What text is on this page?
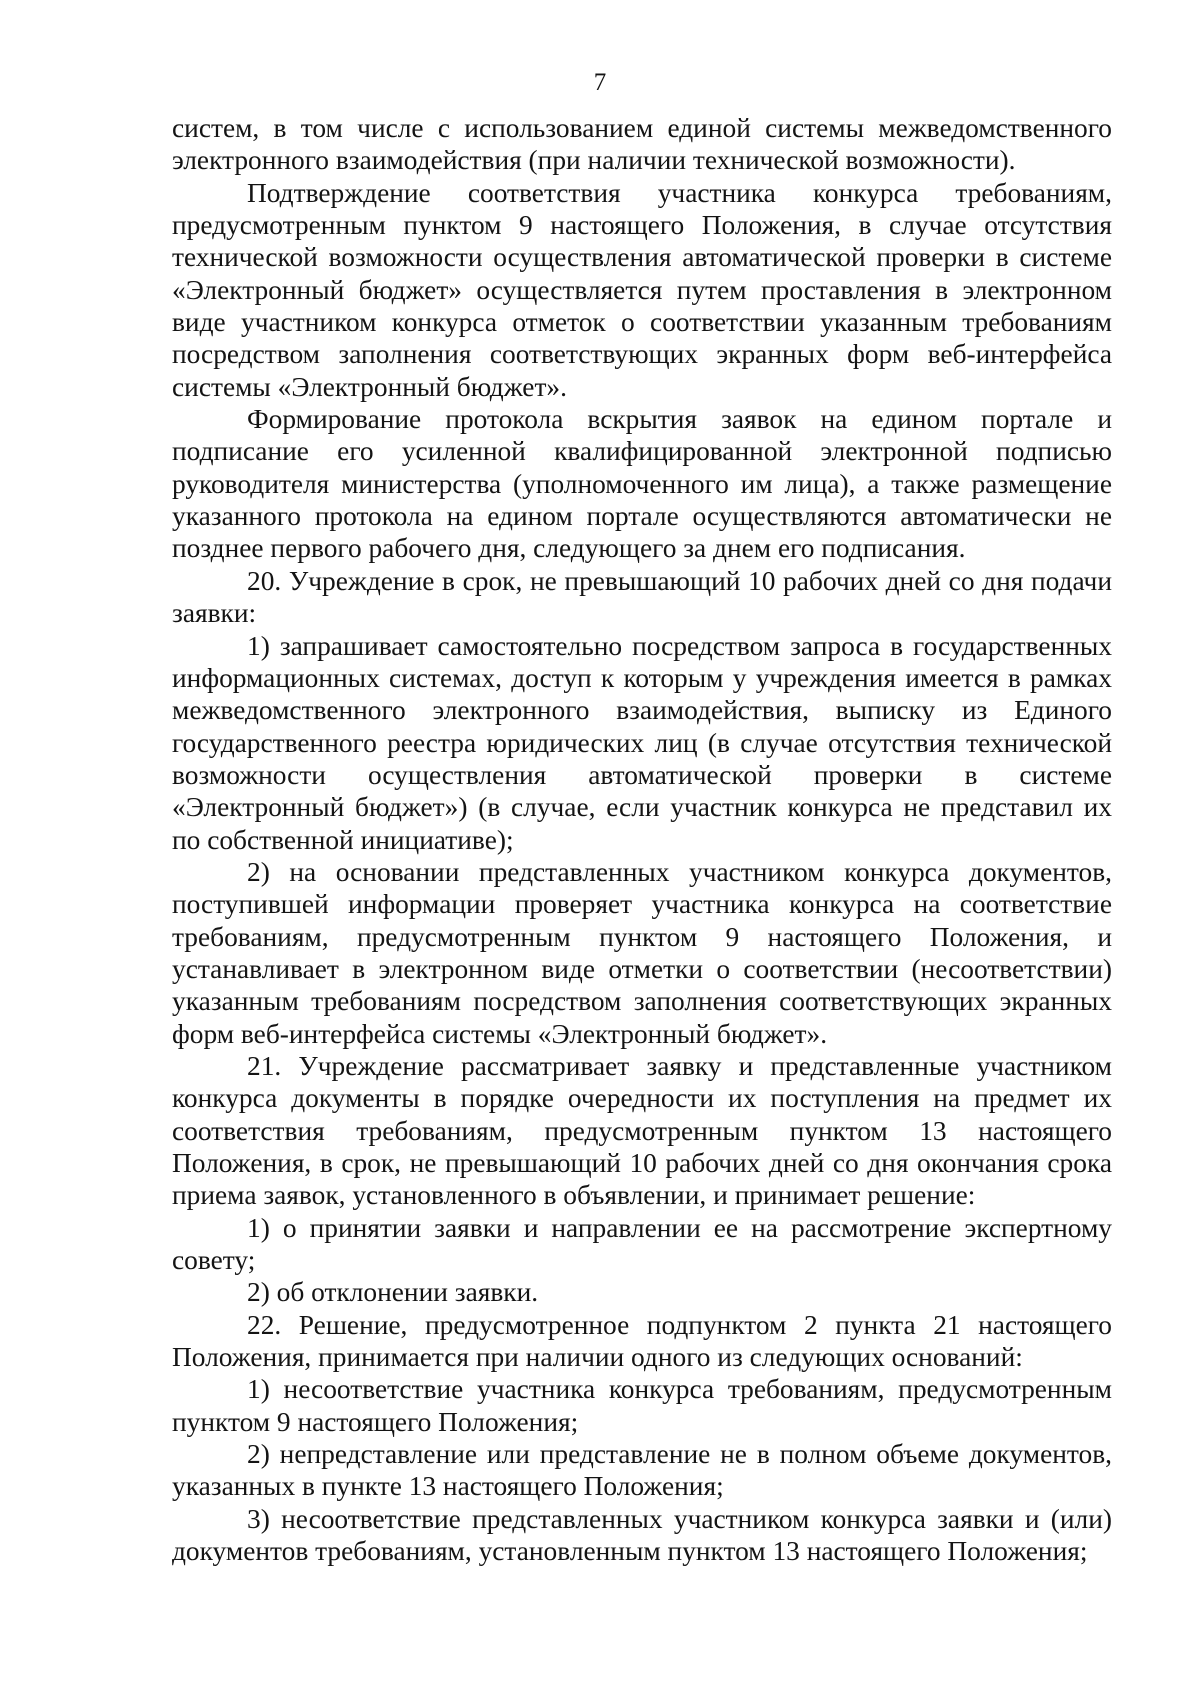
7

систем, в том числе с использованием единой системы межведомственного электронного взаимодействия (при наличии технической возможности).

Подтверждение соответствия участника конкурса требованиям, предусмотренным пунктом 9 настоящего Положения, в случае отсутствия технической возможности осуществления автоматической проверки в системе «Электронный бюджет» осуществляется путем проставления в электронном виде участником конкурса отметок о соответствии указанным требованиям посредством заполнения соответствующих экранных форм веб-интерфейса системы «Электронный бюджет».

Формирование протокола вскрытия заявок на едином портале и подписание его усиленной квалифицированной электронной подписью руководителя министерства (уполномоченного им лица), а также размещение указанного протокола на едином портале осуществляются автоматически не позднее первого рабочего дня, следующего за днем его подписания.

20. Учреждение в срок, не превышающий 10 рабочих дней со дня подачи заявки:

1) запрашивает самостоятельно посредством запроса в государственных информационных системах, доступ к которым у учреждения имеется в рамках межведомственного электронного взаимодействия, выписку из Единого государственного реестра юридических лиц (в случае отсутствия технической возможности осуществления автоматической проверки в системе «Электронный бюджет») (в случае, если участник конкурса не представил их по собственной инициативе);

2) на основании представленных участником конкурса документов, поступившей информации проверяет участника конкурса на соответствие требованиям, предусмотренным пунктом 9 настоящего Положения, и устанавливает в электронном виде отметки о соответствии (несоответствии) указанным требованиям посредством заполнения соответствующих экранных форм веб-интерфейса системы «Электронный бюджет».

21. Учреждение рассматривает заявку и представленные участником конкурса документы в порядке очередности их поступления на предмет их соответствия требованиям, предусмотренным пунктом 13 настоящего Положения, в срок, не превышающий 10 рабочих дней со дня окончания срока приема заявок, установленного в объявлении, и принимает решение:

1) о принятии заявки и направлении ее на рассмотрение экспертному совету;

2) об отклонении заявки.

22. Решение, предусмотренное подпунктом 2 пункта 21 настоящего Положения, принимается при наличии одного из следующих оснований:

1) несоответствие участника конкурса требованиям, предусмотренным пунктом 9 настоящего Положения;

2) непредставление или представление не в полном объеме документов, указанных в пункте 13 настоящего Положения;

3) несоответствие представленных участником конкурса заявки и (или) документов требованиям, установленным пунктом 13 настоящего Положения;
